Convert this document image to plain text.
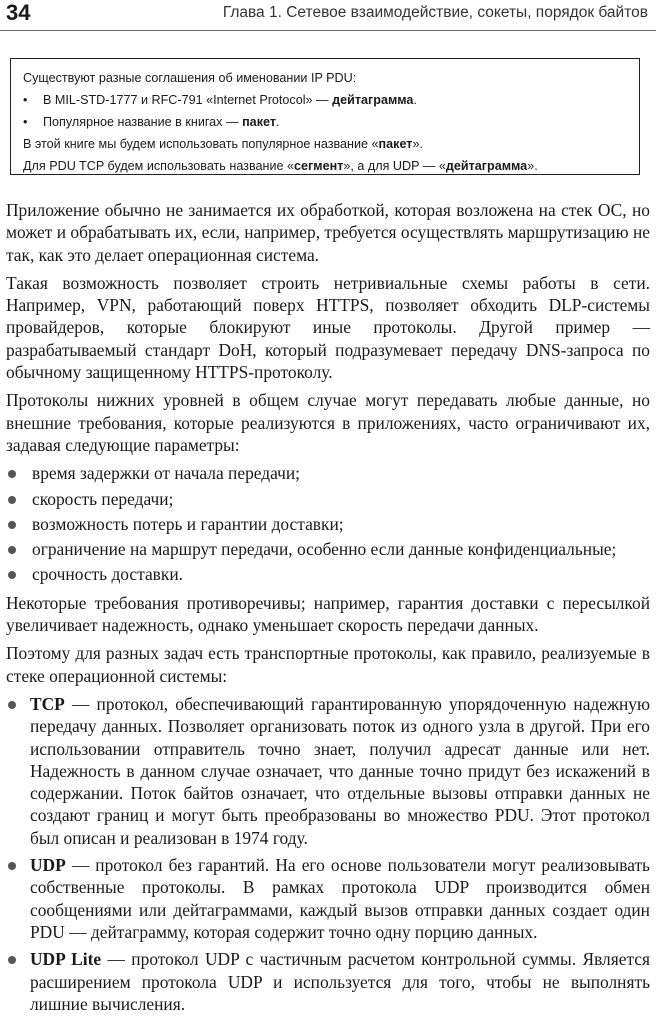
34	Глава 1. Сетевое взаимодействие, сокеты, порядок байтов
Существуют разные соглашения об именовании IP PDU:
• В MIL-STD-1777 и RFC-791 «Internet Protocol» — дейтаграмма.
• Популярное название в книгах — пакет.
В этой книге мы будем использовать популярное название «пакет».
Для PDU TCP будем использовать название «сегмент», а для UDP — «дейтаграмма».

Приложение обычно не занимается их обработкой, которая возложена на стек ОС, но может и обрабатывать их, если, например, требуется осуществлять маршрутизацию не так, как это делает операционная система.

Такая возможность позволяет строить нетривиальные схемы работы в сети. Например, VPN, работающий поверх HTTPS, позволяет обходить DLP-системы провайдеров, которые блокируют иные протоколы. Другой пример — разрабатываемый стандарт DoH, который подразумевает передачу DNS-запроса по обычному защищенному HTTPS-протоколу.

Протоколы нижних уровней в общем случае могут передавать любые данные, но внешние требования, которые реализуются в приложениях, часто ограничивают их, задавая следующие параметры:

время задержки от начала передачи;
скорость передачи;
возможность потерь и гарантии доставки;
ограничение на маршрут передачи, особенно если данные конфиденциальные;
срочность доставки.

Некоторые требования противоречивы; например, гарантия доставки с пересылкой увеличивает надежность, однако уменьшает скорость передачи данных.

Поэтому для разных задач есть транспортные протоколы, как правило, реализуемые в стеке операционной системы:

TCP — протокол, обеспечивающий гарантированную упорядоченную надежную передачу данных. Позволяет организовать поток из одного узла в другой. При его использовании отправитель точно знает, получил адресат данные или нет. Надежность в данном случае означает, что данные точно придут без искажений в содержании. Поток байтов означает, что отдельные вызовы отправки данных не создают границ и могут быть преобразованы во множество PDU. Этот протокол был описан и реализован в 1974 году.
UDP — протокол без гарантий. На его основе пользователи могут реализовывать собственные протоколы. В рамках протокола UDP производится обмен сообщениями или дейтаграммами, каждый вызов отправки данных создает один PDU — дейтаграмму, которая содержит точно одну порцию данных.
UDP Lite — протокол UDP с частичным расчетом контрольной суммы. Является расширением протокола UDP и используется для того, чтобы не выполнять лишние вычисления.
